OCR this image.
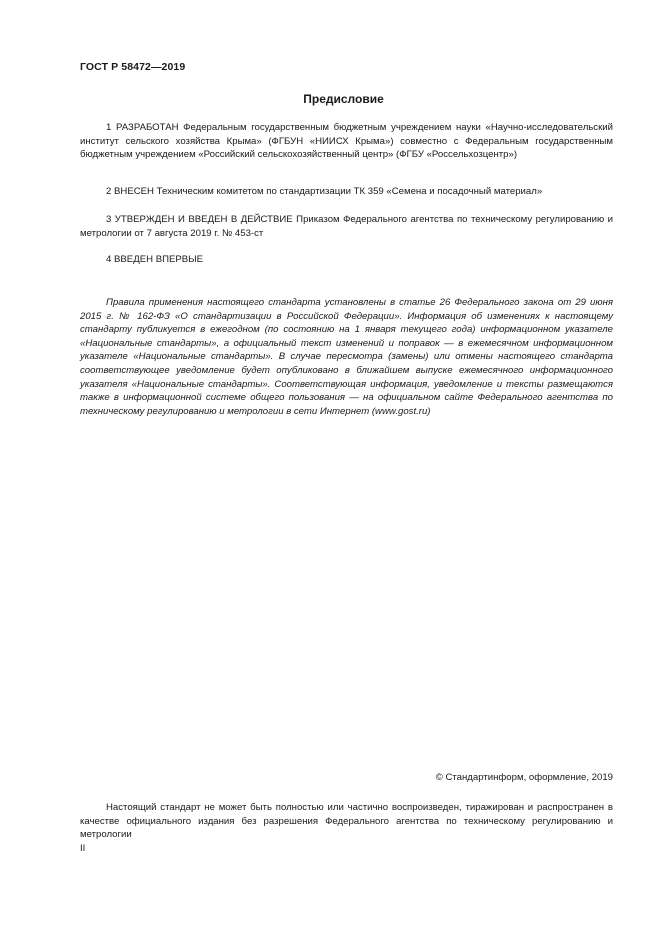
ГОСТ Р 58472—2019
Предисловие

1 РАЗРАБОТАН Федеральным государственным бюджетным учреждением науки «Научно-исследовательский институт сельского хозяйства Крыма» (ФГБУН «НИИСХ Крыма») совместно с Федеральным государственным бюджетным учреждением «Российский сельскохозяйственный центр» (ФГБУ «Россельхозцентр»)

2 ВНЕСЕН Техническим комитетом по стандартизации ТК 359 «Семена и посадочный материал»

3 УТВЕРЖДЕН И ВВЕДЕН В ДЕЙСТВИЕ Приказом Федерального агентства по техническому регулированию и метрологии от 7 августа 2019 г. № 453-ст

4 ВВЕДЕН ВПЕРВЫЕ

Правила применения настоящего стандарта установлены в статье 26 Федерального закона от 29 июня 2015 г. № 162-ФЗ «О стандартизации в Российской Федерации». Информация об изменениях к настоящему стандарту публикуется в ежегодном (по состоянию на 1 января текущего года) информационном указателе «Национальные стандарты», а официальный текст изменений и поправок — в ежемесячном информационном указателе «Национальные стандарты». В случае пересмотра (замены) или отмены настоящего стандарта соответствующее уведомление будет опубликовано в ближайшем выпуске ежемесячного информационного указателя «Национальные стандарты». Соответствующая информация, уведомление и тексты размещаются также в информационной системе общего пользования — на официальном сайте Федерального агентства по техническому регулированию и метрологии в сети Интернет (www.gost.ru)

© Стандартинформ, оформление, 2019

Настоящий стандарт не может быть полностью или частично воспроизведен, тиражирован и распространен в качестве официального издания без разрешения Федерального агентства по техническому регулированию и метрологии

II
